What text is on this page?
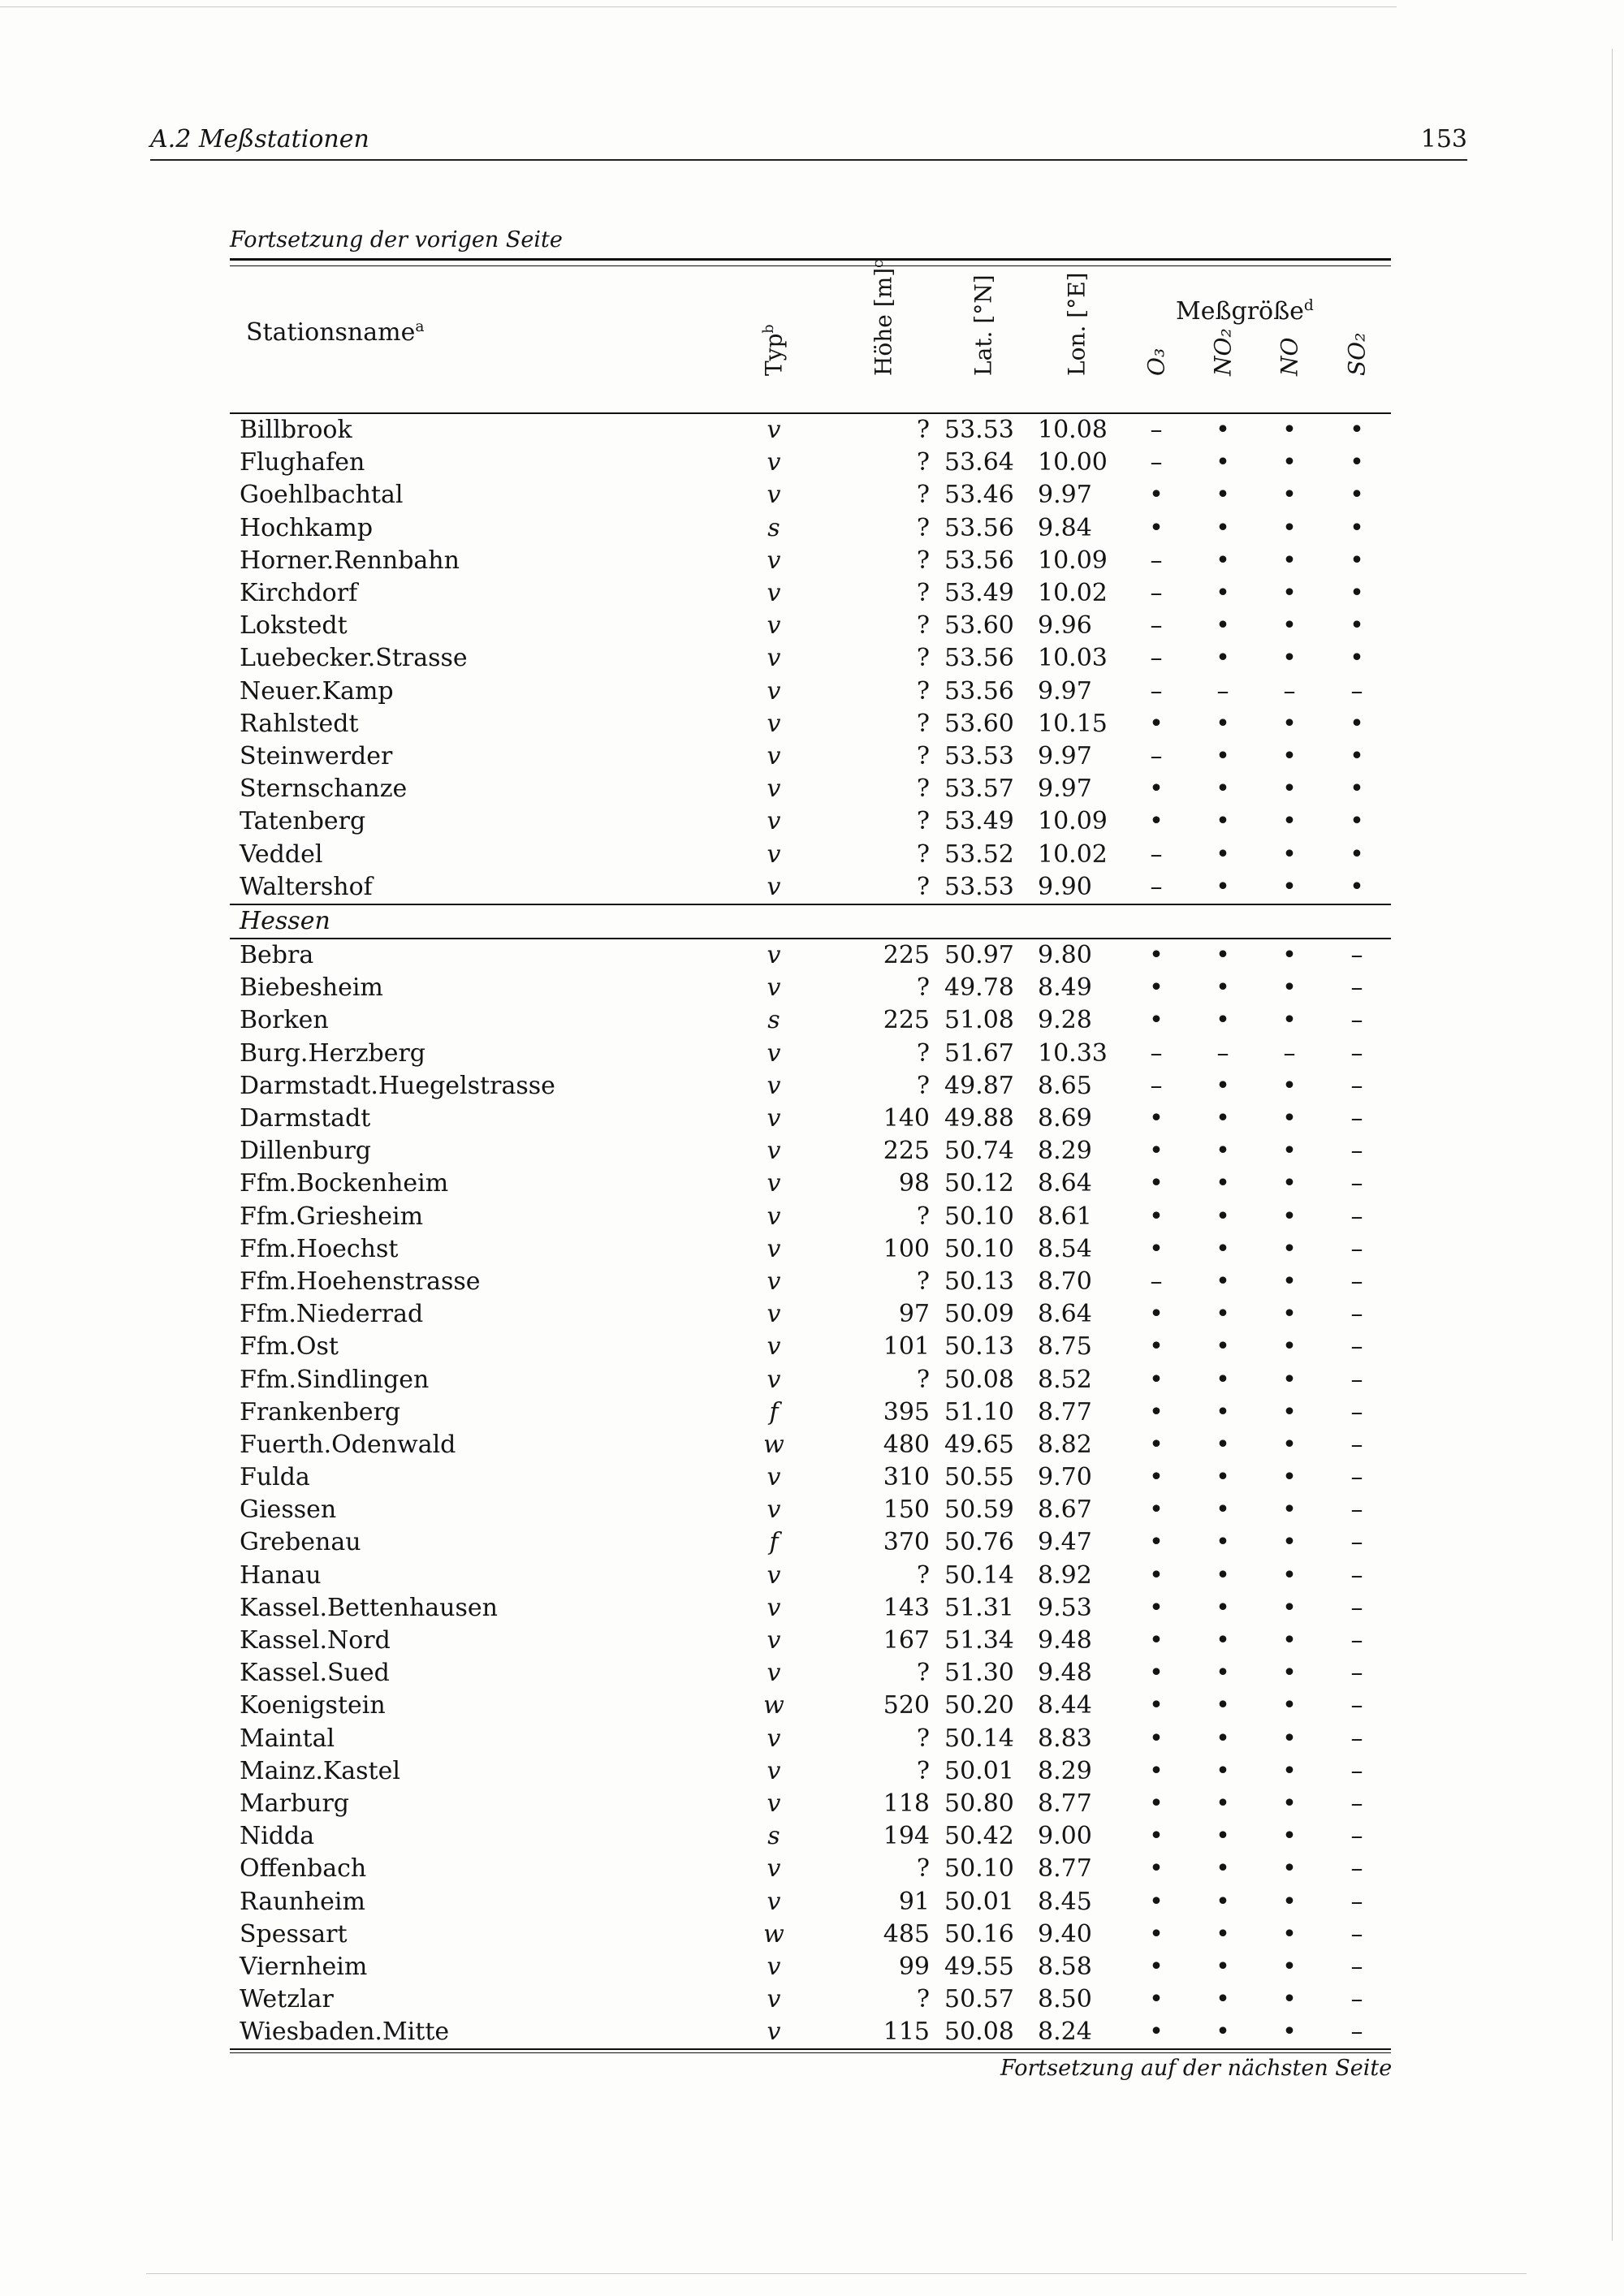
A.2 Meßstationen	153
Fortsetzung der vorigen Seite
Stationsname$^a$
Meßgröße$^d$

	Typ$^b$	Höhe $[m]^c$	Lat. [°N]	Lon. [°E]	O₃	NO₂	NO	SO₂

Billbrook	v	?	53.53	10.08	–	•	•	•
Flughafen	v	?	53.64	10.00	–	•	•	•
Goehlbachtal	v	?	53.46	9.97	•	•	•	•
Hochkamp	s	?	53.56	9.84	•	•	•	•
Horner.Rennbahn	v	?	53.56	10.09	–	•	•	•
Kirchdorf	v	?	53.49	10.02	–	•	•	•
Lokstedt	v	?	53.60	9.96	–	•	•	•
Luebecker.Strasse	v	?	53.56	10.03	–	•	•	•
Neuer.Kamp	v	?	53.56	9.97	–	–	–	–
Rahlstedt	v	?	53.60	10.15	•	•	•	•
Steinwerder	v	?	53.53	9.97	–	•	•	•
Sternschanze	v	?	53.57	9.97	•	•	•	•
Tatenberg	v	?	53.49	10.09	•	•	•	•
Veddel	v	?	53.52	10.02	–	•	•	•
Waltershof	v	?	53.53	9.90	–	•	•	•
Hessen								
Bebra	v	225	50.97	9.80	•	•	•	–
Biebesheim	v	?	49.78	8.49	•	•	•	–
Borken	s	225	51.08	9.28	•	•	•	–
Burg.Herzberg	v	?	51.67	10.33	–	–	–	–
Darmstadt.Huegelstrasse	v	?	49.87	8.65	–	•	•	–
Darmstadt	v	140	49.88	8.69	•	•	•	–
Dillenburg	v	225	50.74	8.29	•	•	•	–
Ffm.Bockenheim	v	98	50.12	8.64	•	•	•	–
Ffm.Griesheim	v	?	50.10	8.61	•	•	•	–
Ffm.Hoechst	v	100	50.10	8.54	•	•	•	–
Ffm.Hoehenstrasse	v	?	50.13	8.70	–	•	•	–
Ffm.Niederrad	v	97	50.09	8.64	•	•	•	–
Ffm.Ost	v	101	50.13	8.75	•	•	•	–
Ffm.Sindlingen	v	?	50.08	8.52	•	•	•	–
Frankenberg	f	395	51.10	8.77	•	•	•	–
Fuerth.Odenwald	w	480	49.65	8.82	•	•	•	–
Fulda	v	310	50.55	9.70	•	•	•	–
Giessen	v	150	50.59	8.67	•	•	•	–
Grebenau	f	370	50.76	9.47	•	•	•	–
Hanau	v	?	50.14	8.92	•	•	•	–
Kassel.Bettenhausen	v	143	51.31	9.53	•	•	•	–
Kassel.Nord	v	167	51.34	9.48	•	•	•	–
Kassel.Sued	v	?	51.30	9.48	•	•	•	–
Koenigstein	w	520	50.20	8.44	•	•	•	–
Maintal	v	?	50.14	8.83	•	•	•	–
Mainz.Kastel	v	?	50.01	8.29	•	•	•	–
Marburg	v	118	50.80	8.77	•	•	•	–
Nidda	s	194	50.42	9.00	•	•	•	–
Offenbach	v	?	50.10	8.77	•	•	•	–
Raunheim	v	91	50.01	8.45	•	•	•	–
Spessart	w	485	50.16	9.40	•	•	•	–
Viernheim	v	99	49.55	8.58	•	•	•	–
Wetzlar	v	?	50.57	8.50	•	•	•	–
Wiesbaden.Mitte	v	115	50.08	8.24	•	•	•	–
Fortsetzung auf der nächsten Seite
